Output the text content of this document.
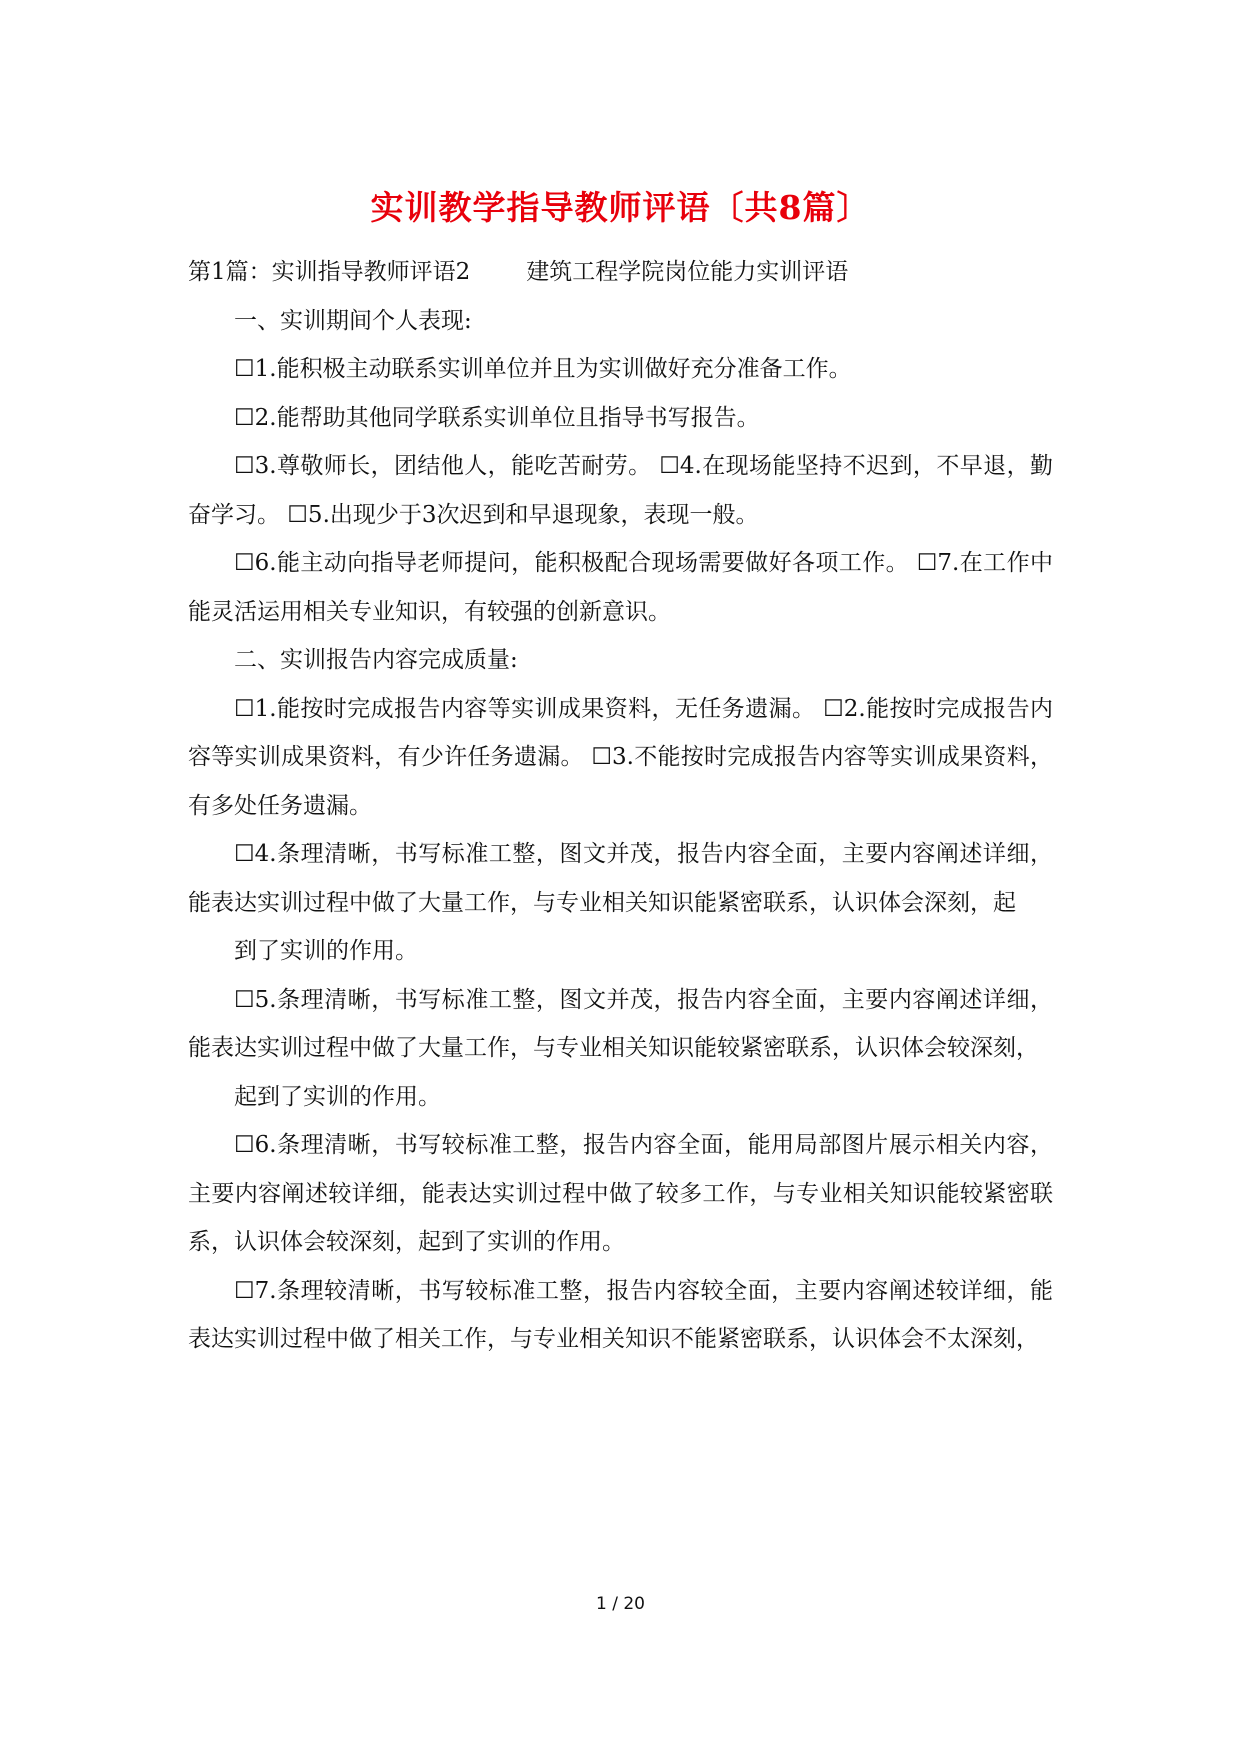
实训教学指导教师评语〔共8篇〕

第1篇：实训指导教师评语2 建筑工程学院岗位能力实训评语

一、实训期间个人表现:

☐1.能积极主动联系实训单位并且为实训做好充分准备工作。

☐2.能帮助其他同学联系实训单位且指导书写报告。

☐3.尊敬师长，团结他人，能吃苦耐劳。 ☐4.在现场能坚持不迟到，不早退，勤奋学习。 ☐5.出现少于3次迟到和早退现象，表现一般。

☐6.能主动向指导老师提问，能积极配合现场需要做好各项工作。 ☐7.在工作中能灵活运用相关专业知识，有较强的创新意识。

二、实训报告内容完成质量:

☐1.能按时完成报告内容等实训成果资料，无任务遗漏。 ☐2.能按时完成报告内容等实训成果资料，有少许任务遗漏。 ☐3.不能按时完成报告内容等实训成果资料，有多处任务遗漏。

☐4.条理清晰，书写标准工整，图文并茂，报告内容全面，主要内容阐述详细，能表达实训过程中做了大量工作，与专业相关知识能紧密联系，认识体会深刻，起

到了实训的作用。

☐5.条理清晰，书写标准工整，图文并茂，报告内容全面，主要内容阐述详细，能表达实训过程中做了大量工作，与专业相关知识能较紧密联系，认识体会较深刻，

起到了实训的作用。

☐6.条理清晰，书写较标准工整，报告内容全面，能用局部图片展示相关内容，主要内容阐述较详细，能表达实训过程中做了较多工作，与专业相关知识能较紧密联系，认识体会较深刻，起到了实训的作用。

☐7.条理较清晰，书写较标准工整，报告内容较全面，主要内容阐述较详细，能表达实训过程中做了相关工作，与专业相关知识不能紧密联系，认识体会不太深刻，

1 / 20
